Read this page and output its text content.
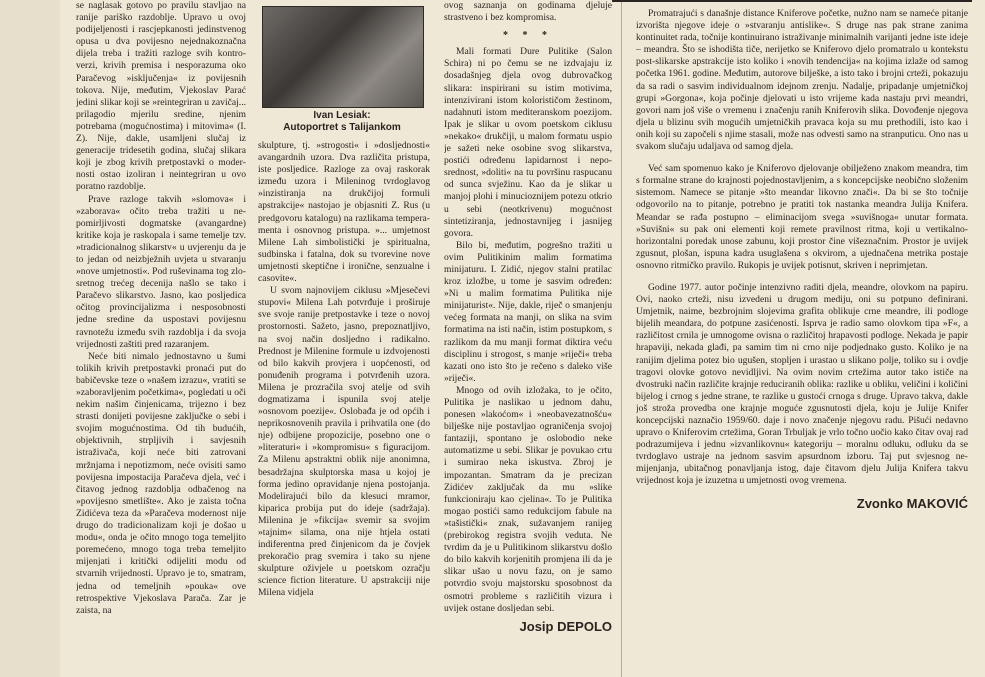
se naglasak gotovo po pravilu stavljao na ranije pariško razdoblje. Upravo u ovoj podijeljenosti i rascjepkanosti jedinstvenog opusa u dva povijesno nejednakoznačna dijela treba i tražiti razloge svih kontroverzi, krivih premisa i nesporazuma oko Paračevog »isključenja« iz povijesnih tokova. Nije, međutim, Vjekoslav Parać jedini slikar koji se »reintegriran u zavičaj... prilagodio mjerilu sredine, njenim potrebama (mogućnostima) i mitovima« (I. Z). Nije, dakle, usamljeni slučaj iz generacije tridesetih godina, slučaj slikara koji je zbog krivih pretpostavki o modernosti ostao izoliran i neintegriran u ovo poratno razdoblje.

Prave razloge takvih »slomova« i »zaborava« očito treba tražiti u nepomirljivosti dogmatske (avangardne) kritike koja je raskopala i same temelje tzv. »tradicionalnog slikarstv« u uvjerenju da je to jedan od neizbježnih uvjeta u stvaranju »nove umjetnosti«. Pod ruševinama tog zlosretnog trećeg decenija našlo se tako i Paračevo slikarstvo. Jasno, kao posljedica očitog provincijalizma i nesposobnosti jedne sredine da uspostavi povijesnu ravnotežu između svih razdoblja i da svoja vrijednosti zaštiti pred razaranjem.

Neće biti nimalo jednostavno u šumi tolikih krivih pretpostavki pronaći put do babičevske teze o »našem izrazu«, vratiti se »zaboravljenim početkima«, pogledati u oči nekim našim činjenicama, trijezno i bez strasti donijeti povijesne zaključke o sebi i svojim mogućnostima. Od tih budućih, objektivnih, strpljivih i savjesnih istraživača, koji neće biti zatrovani mržnjama i nepotizmom, neće ovisiti samo povijesna impostacija Paračeva djela, već i čitavog jednog razdoblja odbačenog na »povijesno smetlište«. Ako je zaista točna Zidićeva teza da »Paračeva modernost nije drugo do tradicionalizam koji je došao u modu«, onda je očito mnogo toga temeljito poremećeno, mnogo toga treba temeljito mijenjati i kritički odijeliti modu od stvarnih vrijednosti. Upravo je to, smatram, jedna od temeljnih »pouka« ove retrospektive Vjekoslava Parača. Zar je zaista, na

Ivan Lesiak:
Autoportret s Talijankom

skulpture, tj. »strogosti« i »dosljednosti« avangardnih uzora. Dva različita pristupa, iste posljedice. Razloge za ovaj raskorak između uzora i Mileninog tvrdoglavog »inzistiranja na drukčijoj formuli apstrakcije« nastojao je objasniti Z. Rus (u predgovoru katalogu) na razlikama temperamenta i osnovnog pristupa. »... umjetnost Milene Lah simbolistički je spiritualna, sudbinska i fatalna, dok su tvorevine nove umjetnosti skeptične i ironične, senzualne i casovite«.

U svom najnovijem ciklusu »Mjesečevi stupovi« Milena Lah potvrđuje i proširuje sve svoje ranije pretpostavke i teze o novoj prostornosti. Sažeto, jasno, prepoznatljivo, na svoj način dosljedno i radikalno. Prednost je Milenine formule u izdvojenosti od bilo kakvih provjera i uopćenosti, od ponuđenih programa i potvrđenih uzora. Milena je prozračila svoj atelje od svih dogmatizama i ispunila svoj atelje »osnovom poezije«. Oslobađa je od općih i neprikosnovenih pravila i prihvatila one (do nje) odbijene propozicije, posebno one o »literaturi« i »kompromisu« s figuracijom. Za Milenu apstraktni oblik nije anonimna, besadržajna skulptorska masa u kojoj je forma jedino opravidanje njena postojanja. Modelirajući bilo da klesuci mramor, kiparica probija put do ideje (sadržaja). Milenina je »fikcija« svemir sa svojim »tajnim« silama, ona nije htjela ostati indiferentna pred činjenicom da je čovjek prekoračio prag svemira i tako su njene skulpture oživjele u poetskom ozračju science fiction literature. U apstrakciji nije Milena vidjela

ovog saznanja on godinama djeluje strastveno i bez kompromisa.

* * *

Mali formati Dure Pulitike (Salon Schira) ni po čemu se ne izdvajaju iz dosadašnjeg djela ovog dubrovačkog slikara: inspirirani su istim motivima, intenzivirani istom kolorističom žestinom, nadahnuti istom mediteranskom poezijom. Ipak je slikar u ovom poetskom ciklusu »nekako« drukčiji, u malom formatu uspio je sažeti neke osobine svog slikarstva, postići određenu lapidarnost i neposrednost, »doliti« na tu površinu raspucanu od sunca svježinu. Kao da je slikar u manjoj plohi i minucioznijem potezu otkrio u sebi (neotkrivenu) mogućnost sintetiziranja, jednostavnijeg i jasnijeg govora.

Bilo bi, međutim, pogrešno tražiti u ovim Pulitikinim malim formatima minijaturu. I. Zidić, njegov stalni pratilac kroz izložbe, u tome je sasvim određen: »Ni u malim formatima Pulitika nije minijaturist«. Nije, dakle, riječ o smanjenju većeg formata na manji, on slika na svim formatima na isti način, istim postupkom, s razlikom da mu manji format diktira veću disciplinu i strogost, s manje »riječi« treba kazati ono isto što je rečeno s daleko više »riječi«.

Mnogo od ovih izložaka, to je očito, Pulitika je naslikao u jednom dahu, ponesen »lakoćom« i »neobavezatnošću« bilješke nije postavljao ograničenja svojoj fantaziji, spontano je oslobodio neke automatizme u sebi. Slikar je povukao crtu i sumirao neka iskustva. Zbroj je impozantan. Smatram da je precizan Zidićev zaključak da mu »slike funkcioniraju kao cjelina«. To je Pulitika mogao postići samo redukcijom fabule na »tašistički« znak, sužavanjem ranijeg (prebirokog registra svojih veduta. Ne tvrdim da je u Pulitikinom slikarstvu došlo do bilo kakvih korjenitih promjena ili da je slikar ušao u novu fazu, on je samo potvrdio svoju majstorsku sposobnost da osmotri probleme s različitih vizura i uvijek ostane dosljedan sebi.

Josip DEPOLO

Promatrajući s današnje distance Kniferove početke, nužno nam se nameće pitanje izvorišta njegove ideje o »stvaranju antislike«. S druge nas pak strane zanima kontinuitet rada, točnije kontinuirano istraživanje minimalnih varijanti jedne iste ideje – meandra. Što se ishodišta tiče, nerijetko se Kniferovo djelo promatralo u kontekstu post-slikarske apstrakcije isto koliko i »novih tendencija« na kojima izlaže od samog početka 1961. godine. Međutim, autorove bilješke, a isto tako i brojni crteži, pokazuju da sa radi o sasvim individualnom idejnom zrenju. Nadalje, pripadanje umjetničkoj grupi »Gorgona«, koja počinje djelovati u isto vrijeme kada nastaju prvi meandri, govori nam još više o vremenu i značenju ranih Kniferovih slika. Dovođenje njegova djela u blizinu svih mogućih umjetničkih pravaca koja su mu prethodili, isto kao i onih koji su započeli s njime stasali, može nas odvesti samo na stranputicu. Ono nas u svakom slučaju udaljava od samog djela.

Već sam spomenuo kako je Kniferovo djelovanje obilježeno znakom meandra, tim s formalne strane do krajnosti pojednostavljenim, a s koncepcijske neobično složenim sistemom. Namece se pitanje »što meandar likovno znači«. Da bi se što točnije odgovorilo na to pitanje, potrebno je pratiti tok nastanka meandra Julija Knifera. Meandar se rađa postupno – eliminacijom svega »suvišnoga« unutar formata. »Suvišni« su pak oni elementi koji remete pravilnost ritma, koji u vertikalno-horizontalni poredak unose zabunu, koji prostor čine višeznačnim. Prostor je uvijek zgusnut, plošan, ispuna kadra usuglašena s okvirom, a ujednačena metrika postaje osnovno ritmičko pravilo. Rukopis je uvijek potisnut, skriven i neprimjetan.

Godine 1977. autor počinje intenzivno raditi djela, meandre, olovkom na papiru. Ovi, naoko crteži, nisu izvedeni u drugom mediju, oni su potpuno definirani. Umjetnik, naime, bezbrojnim slojevima grafita oblikuje crne meandre, ili podloge bijelih meandara, do potpune zasićenosti. Isprva je radio samo olovkom tipa »F«, a različitost crnila je umnogome ovisna o različitoj hrapavosti podloge. Nekada je papir hrapaviji, nekada glađi, pa samim tim ni crno nije podjednako gusto. Koliko je na ranijim djelima potez bio ugušen, stopljen i urastao u slikano polje, toliko su i ovdje tragovi olovke gotovo nevidljivi. Na ovim novim crtežima autor tako ističe na dvostruki način različite krajnje reduciranih oblika: razlike u obliku, veličini i količini bijelog i crnog s jedne strane, te razlike u gustoći crnoga s druge. Upravo takva, dakle još stroža provedba one krajnje moguće zgusnutosti djela, koju je Julije Knifer koncepcijski naznačio 1959/60. daje i novo značenje njegovu radu. Pišući nedavno upravo o Kniferovim crtežima, Goran Trbuljak je vrlo točno uočio kako čitav ovaj rad podrazumijeva i jednu »izvanlikovnu« kategoriju – moralnu odluku, odluku da se tvrdoglavo ustrajе na jednom sasvim apsurdnom izboru. Taj put svjesnog nemijenjanja, ubitačnog ponavljanja istog, daje čitavom djelu Julija Knifera takvu vrijednost koja je izuzetna u umjetnosti ovog vremena.

Zvonko MAKOVIĆ
